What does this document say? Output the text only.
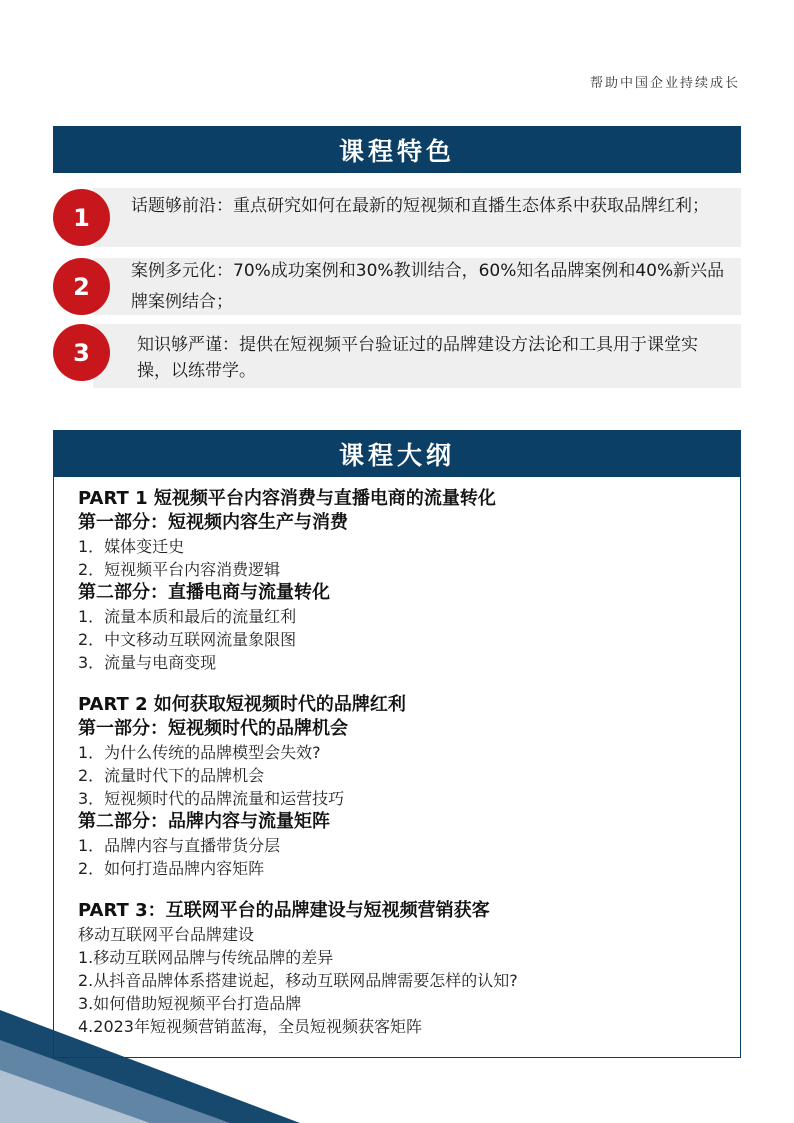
帮助中国企业持续成长
课程特色
1	话题够前沿：重点研究如何在最新的短视频和直播生态体系中获取品牌红利；
2
案例多元化：70%成功案例和30%教训结合，60%知名品牌案例和40%新兴品牌案例结合；
3	知识够严谨：提供在短视频平台验证过的品牌建设方法论和工具用于课堂实操，以练带学。
课程大纲
PART 1 短视频平台内容消费与直播电商的流量转化
第一部分：短视频内容生产与消费
1．媒体变迁史
2．短视频平台内容消费逻辑
第二部分：直播电商与流量转化
1．流量本质和最后的流量红利
2．中文移动互联网流量象限图
3．流量与电商变现
PART 2 如何获取短视频时代的品牌红利
第一部分：短视频时代的品牌机会
1．为什么传统的品牌模型会失效?
2．流量时代下的品牌机会
3．短视频时代的品牌流量和运营技巧
第二部分：品牌内容与流量矩阵
1．品牌内容与直播带货分层
2．如何打造品牌内容矩阵
PART 3：互联网平台的品牌建设与短视频营销获客
移动互联网平台品牌建设
1.移动互联网品牌与传统品牌的差异
2.从抖音品牌体系搭建说起，移动互联网品牌需要怎样的认知?
3.如何借助短视频平台打造品牌
4.2023年短视频营销蓝海，全员短视频获客矩阵
